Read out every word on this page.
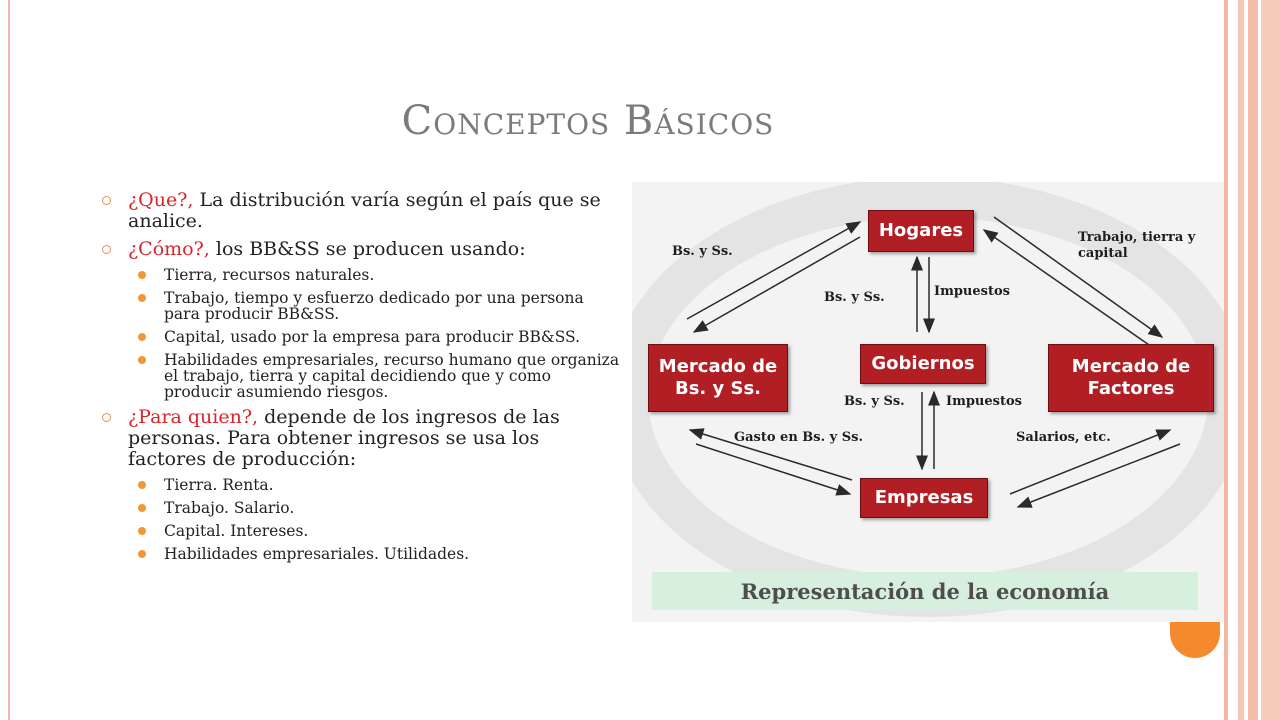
Conceptos Básicos
¿Que?, La distribución varía según el país que se analice.
¿Cómo?, los BB&SS se producen usando:
Tierra, recursos naturales.
Trabajo, tiempo y esfuerzo dedicado por una persona para producir BB&SS.
Capital, usado por la empresa para producir BB&SS.
Habilidades empresariales, recurso humano que organiza el trabajo, tierra y capital decidiendo que y como producir asumiendo riesgos.
¿Para quien?, depende de los ingresos de las personas. Para obtener ingresos se usa los factores de producción:
Tierra. Renta.
Trabajo. Salario.
Capital. Intereses.
Habilidades empresariales. Utilidades.
Hogares
Mercado de Bs. y Ss.
Gobiernos	Mercado de Factores
Empresas
Bs. y Ss.
Trabajo, tierra y capital
Bs. y Ss.	Impuestos
Bs. y Ss.	Impuestos
Gasto en Bs. y Ss.	Salarios, etc.
Representación de la economía
